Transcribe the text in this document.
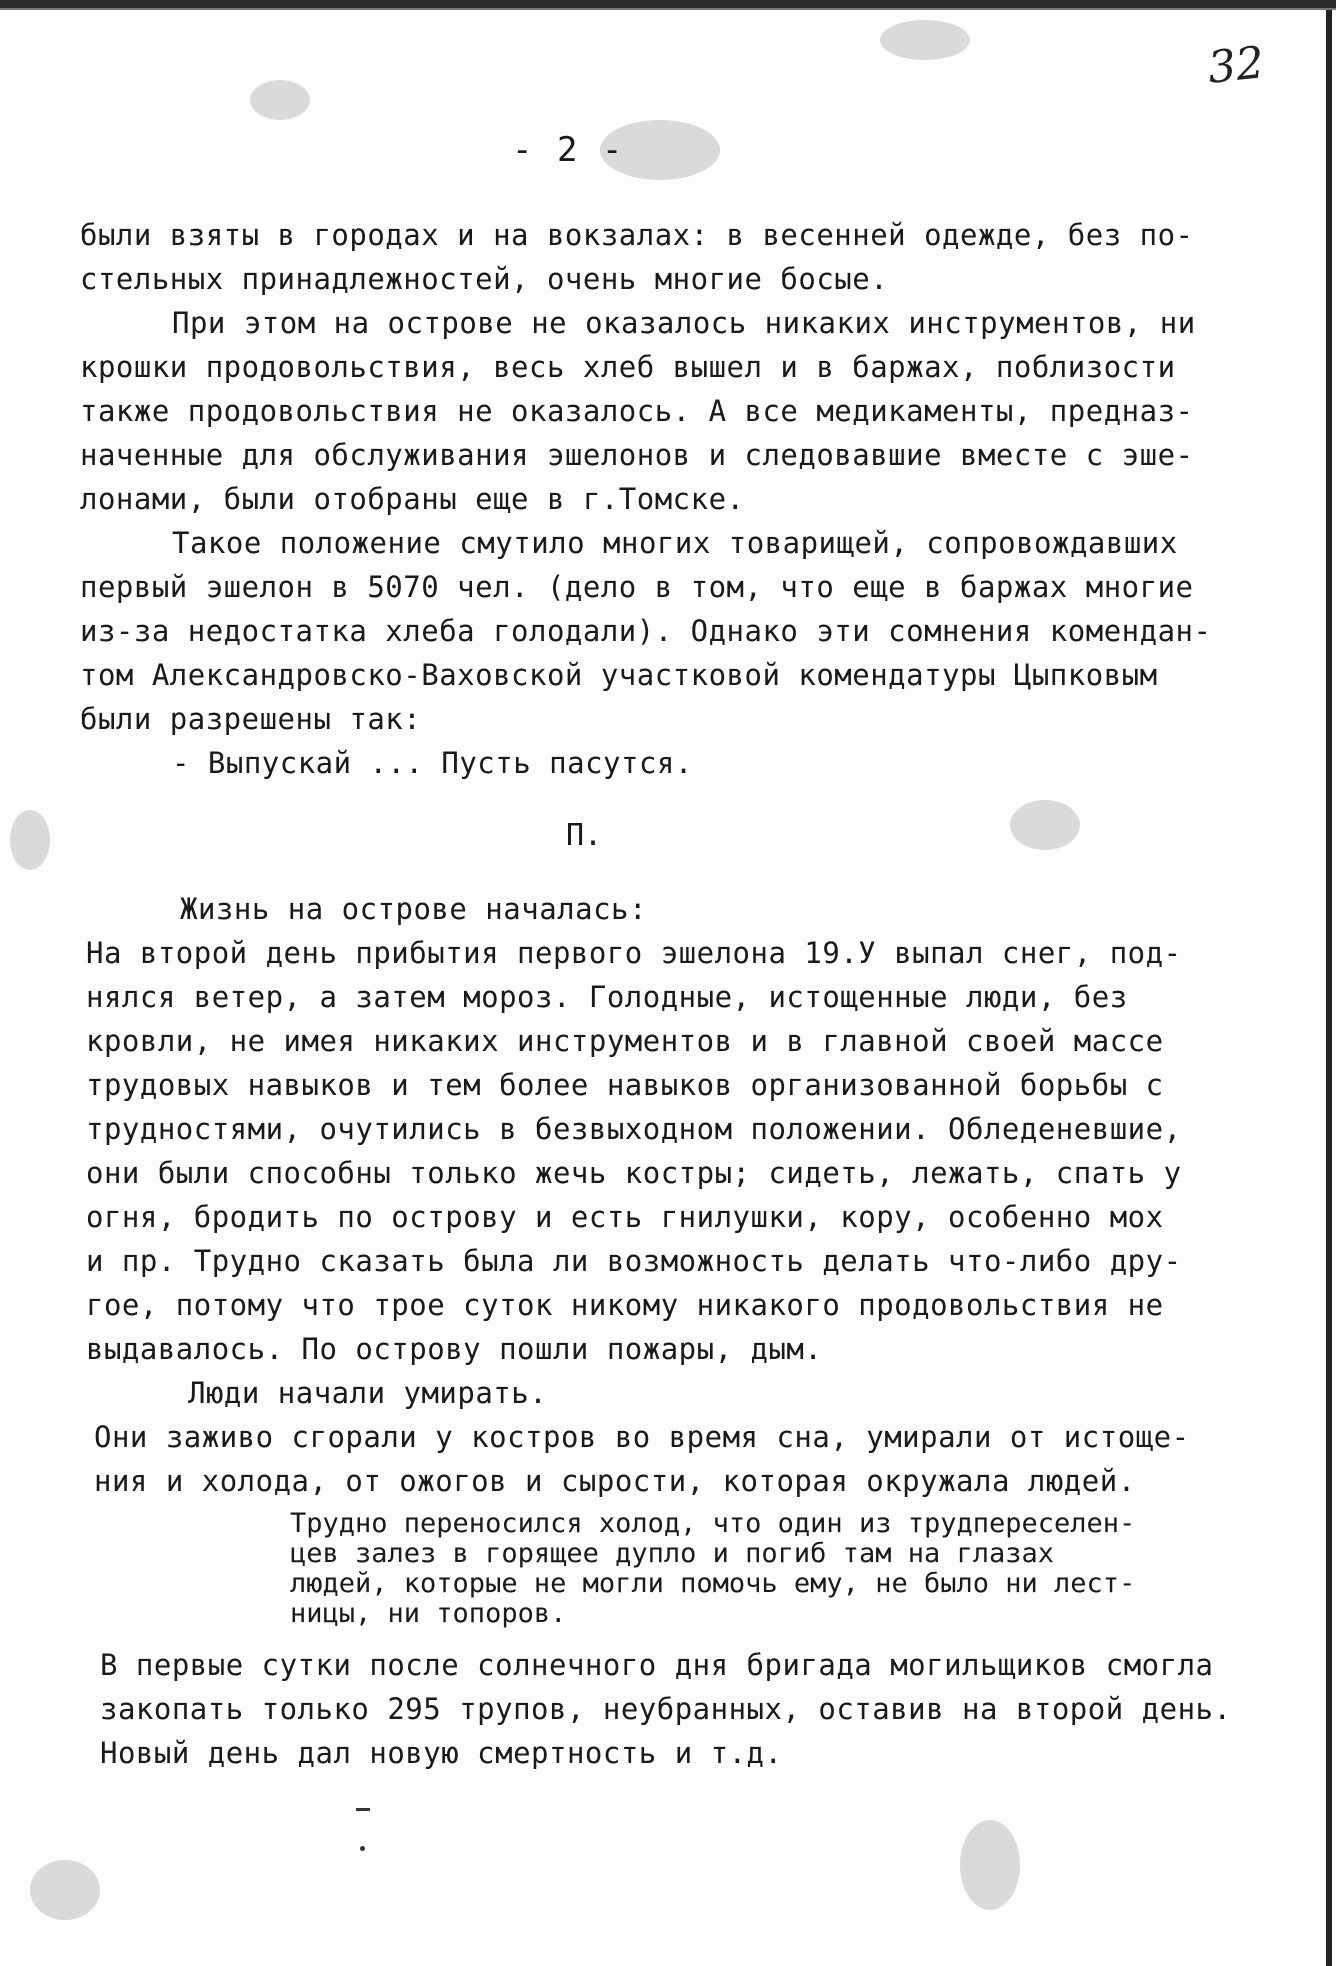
32
- 2 -
были взяты в городах и на вокзалах: в весенней одежде, без по-
стельных принадлежностей, очень многие босые.
При этом на острове не оказалось никаких инструментов, ни
крошки продовольствия, весь хлеб вышел и в баржах, поблизости
также продовольствия не оказалось. А все медикаменты, предназ-
наченные для обслуживания эшелонов и следовавшие вместе с эше-
лонами, были отобраны еще в г.Томске.
Такое положение смутило многих товарищей, сопровождавших
первый эшелон в 5070 чел. (дело в том, что еще в баржах многие
из-за недостатка хлеба голодали). Однако эти сомнения комендан-
том Александровско-Ваховской участковой комендатуры Цыпковым
были разрешены так:
- Выпускай ... Пусть пасутся.
П.
Жизнь на острове началась:
На второй день прибытия первого эшелона 19.У выпал снег, под-
нялся ветер, а затем мороз. Голодные, истощенные люди, без
кровли, не имея никаких инструментов и в главной своей массе
трудовых навыков и тем более навыков организованной борьбы с
трудностями, очутились в безвыходном положении. Обледеневшие,
они были способны только жечь костры; сидеть, лежать, спать у
огня, бродить по острову и есть гнилушки, кору, особенно мох
и пр. Трудно сказать была ли возможность делать что-либо дру-
гое, потому что трое суток никому никакого продовольствия не
выдавалось. По острову пошли пожары, дым.
Люди начали умирать.
Они заживо сгорали у костров во время сна, умирали от истоще-
ния и холода, от ожогов и сырости, которая окружала людей.
Трудно переносился холод, что один из трудпереселен-
цев залез в горящее дупло и погиб там на глазах
людей, которые не могли помочь ему, не было ни лест-
ницы, ни топоров.
В первые сутки после солнечного дня бригада могильщиков смогла
закопать только 295 трупов, неубранных, оставив на второй день.
Новый день дал новую смертность и т.д.
